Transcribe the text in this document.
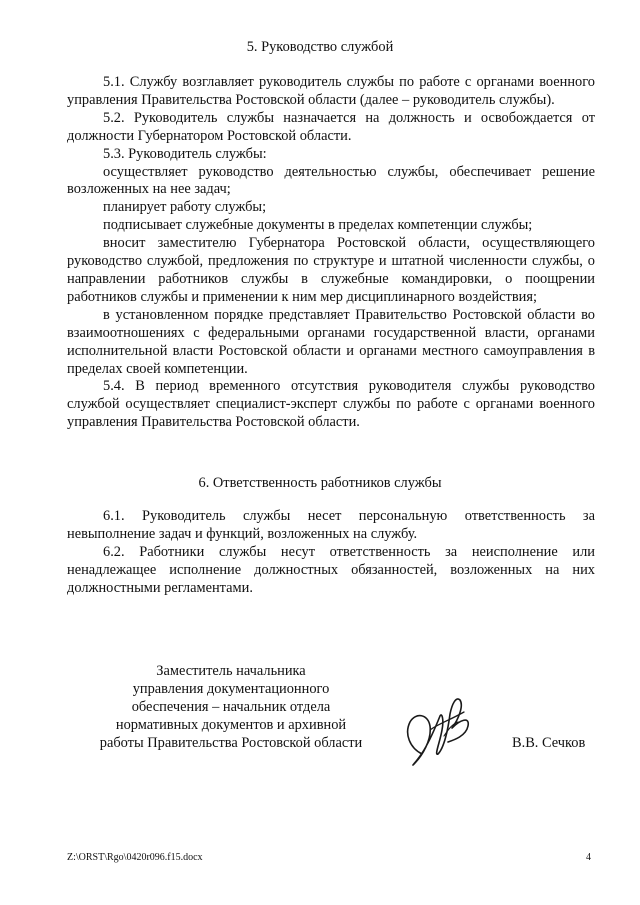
5. Руководство службой

5.1. Службу возглавляет руководитель службы по работе с органами военного управления Правительства Ростовской области (далее – руководитель службы).

5.2. Руководитель службы назначается на должность и освобождается от должности Губернатором Ростовской области.

5.3. Руководитель службы:

осуществляет руководство деятельностью службы, обеспечивает решение возложенных на нее задач;

планирует работу службы;

подписывает служебные документы в пределах компетенции службы;

вносит заместителю Губернатора Ростовской области, осуществляющего руководство службой, предложения по структуре и штатной численности службы, о направлении работников службы в служебные командировки, о поощрении работников службы и применении к ним мер дисциплинарного воздействия;

в установленном порядке представляет Правительство Ростовской области во взаимоотношениях с федеральными органами государственной власти, органами исполнительной власти Ростовской области и органами местного самоуправления в пределах своей компетенции.

5.4. В период временного отсутствия руководителя службы руководство службой осуществляет специалист-эксперт службы по работе с органами военного управления Правительства Ростовской области.

6. Ответственность работников службы

6.1. Руководитель службы несет персональную ответственность за невыполнение задач и функций, возложенных на службу.

6.2. Работники службы несут ответственность за неисполнение или ненадлежащее исполнение должностных обязанностей, возложенных на них должностными регламентами.

Заместитель начальника
управления документационного
обеспечения – начальник отдела
нормативных документов и архивной
работы Правительства Ростовской области	В.В. Сечков
Z:\ORST\Rgo\0420r096.f15.docx	4
